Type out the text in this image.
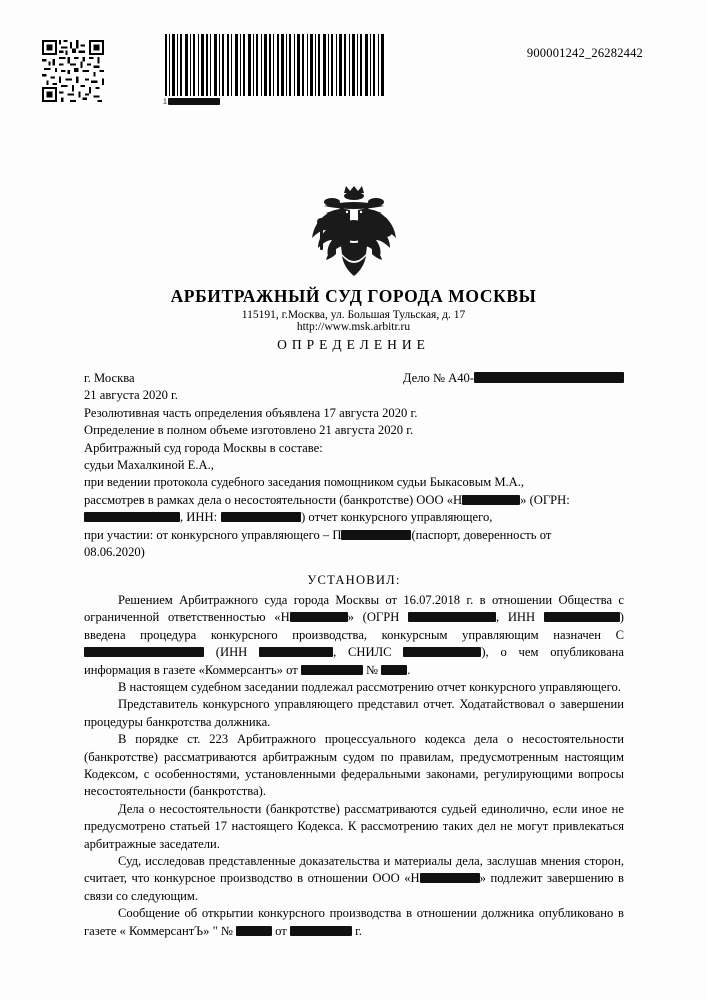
1
900001242_26282442
АРБИТРАЖНЫЙ СУД ГОРОДА МОСКВЫ
115191, г.Москва, ул. Большая Тульская, д. 17
http://www.msk.arbitr.ru
ОПРЕДЕЛЕНИЕ
г. Москва	Дело № А40-
21 августа 2020 г.
Резолютивная часть определения объявлена 17 августа 2020 г.
Определение в полном объеме изготовлено 21 августа 2020 г.
Арбитражный суд города Москвы в составе:
судьи Махалкиной Е.А.,
при ведении протокола судебного заседания помощником судьи Быкасовым М.А.,
рассмотрев в рамках дела о несостоятельности (банкротстве) ООО «Н	» (ОГРН:
, ИНН:	) отчет конкурсного управляющего,
при участии: от конкурсного управляющего – П	(паспорт, доверенность от
08.06.2020)
УСТАНОВИЛ:

Решением Арбитражного суда города Москвы от 16.07.2018 г. в отношении Общества с ограниченной ответственностью «Н	» (ОГРН	, ИНН	) введена процедура конкурсного производства, конкурсным управляющим назначен С (ИНН	, СНИЛС	), о чем опубликована информация в газете «Коммерсантъ» от	№ .

В настоящем судебном заседании подлежал рассмотрению отчет конкурсного управляющего.

Представитель конкурсного управляющего представил отчет. Ходатайствовал о завершении процедуры банкротства должника.

В порядке ст. 223 Арбитражного процессуального кодекса дела о несостоятельности (банкротстве) рассматриваются арбитражным судом по правилам, предусмотренным настоящим Кодексом, с особенностями, установленными федеральными законами, регулирующими вопросы несостоятельности (банкротства).

Дела о несостоятельности (банкротстве) рассматриваются судьей единолично, если иное не предусмотрено статьей 17 настоящего Кодекса. К рассмотрению таких дел не могут привлекаться арбитражные заседатели.

Суд, исследовав представленные доказательства и материалы дела, заслушав мнения сторон, считает, что конкурсное производство в отношении ООО «Н	» подлежит завершению в связи со следующим.

Сообщение об открытии конкурсного производства в отношении должника опубликовано в газете « КоммерсантЪ» " №	от	г.
